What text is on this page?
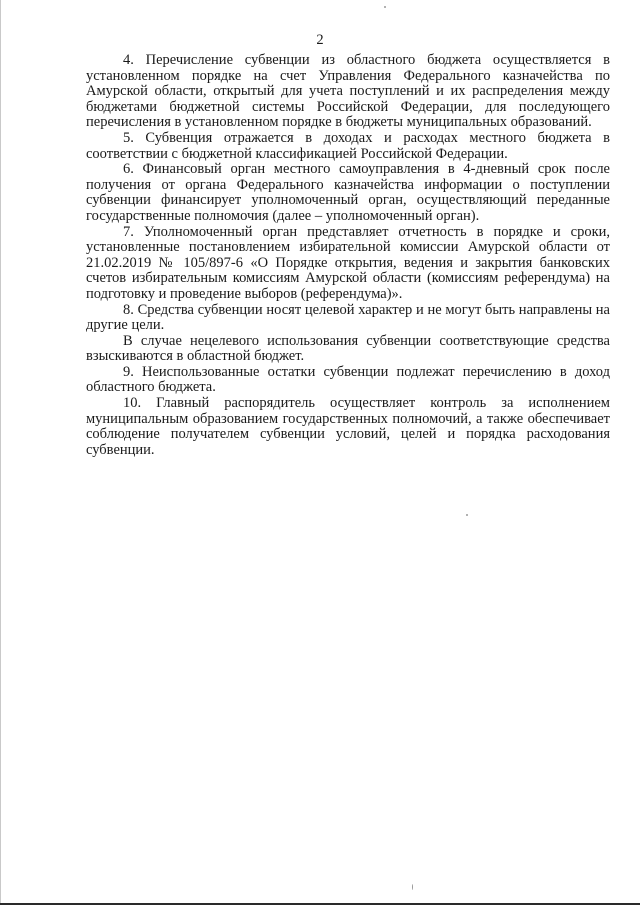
2

4. Перечисление субвенции из областного бюджета осуществляется в установленном порядке на счет Управления Федерального казначейства по Амурской области, открытый для учета поступлений и их распределения между бюджетами бюджетной системы Российской Федерации, для последующего перечисления в установленном порядке в бюджеты муниципальных образований.

5. Субвенция отражается в доходах и расходах местного бюджета в соответствии с бюджетной классификацией Российской Федерации.

6. Финансовый орган местного самоуправления в 4-дневный срок после получения от органа Федерального казначейства информации о поступлении субвенции финансирует уполномоченный орган, осуществляющий переданные государственные полномочия (далее – уполномоченный орган).

7. Уполномоченный орган представляет отчетность в порядке и сроки, установленные постановлением избирательной комиссии Амурской области от 21.02.2019 № 105/897-6 «О Порядке открытия, ведения и закрытия банковских счетов избирательным комиссиям Амурской области (комиссиям референдума) на подготовку и проведение выборов (референдума)».

8. Средства субвенции носят целевой характер и не могут быть направлены на другие цели.

В случае нецелевого использования субвенции соответствующие средства взыскиваются в областной бюджет.

9. Неиспользованные остатки субвенции подлежат перечислению в доход областного бюджета.

10. Главный распорядитель осуществляет контроль за исполнением муниципальным образованием государственных полномочий, а также обеспечивает соблюдение получателем субвенции условий, целей и порядка расходования субвенции.
